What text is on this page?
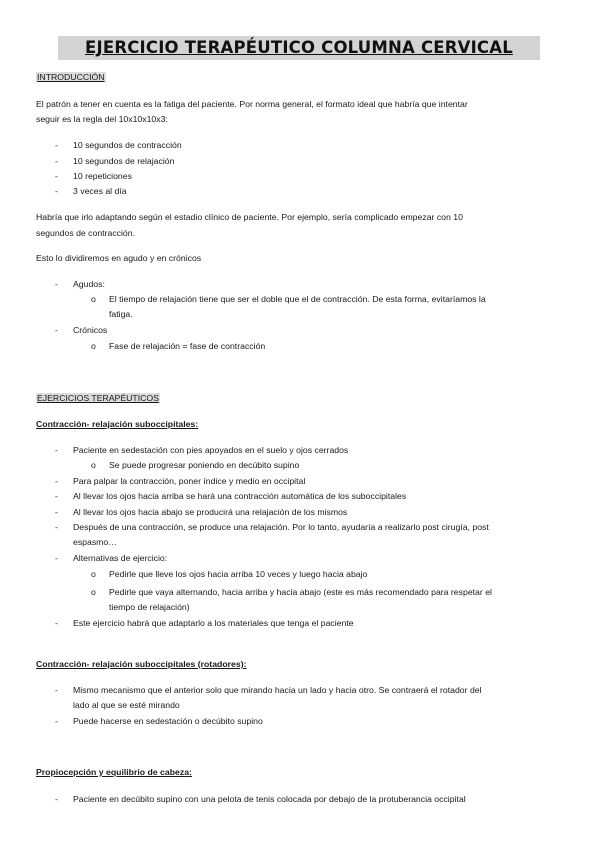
EJERCICIO TERAPÉUTICO COLUMNA CERVICAL
INTRODUCCIÓN
El patrón a tener en cuenta es la fatiga del paciente. Por norma general, el formato ideal que habría que intentar
seguir es la regla del 10x10x10x3:
- 10 segundos de contracción
- 10 segundos de relajación
- 10 repeticiones
- 3 veces al día
Habría que irlo adaptando según el estadio clínico de paciente. Por ejemplo, sería complicado empezar con 10
segundos de contracción.
Esto lo dividiremos en agudo y en crónicos
- Agudos:
o El tiempo de relajación tiene que ser el doble que el de contracción. De esta forma, evitaríamos la
fatiga.
- Crónicos
o Fase de relajación = fase de contracción
EJERCICIOS TERAPÉUTICOS
Contracción- relajación suboccipitales:
- Paciente en sedestación con pies apoyados en el suelo y ojos cerrados
o Se puede progresar poniendo en decúbito supino
- Para palpar la contracción, poner índice y medio en occipital
- Al llevar los ojos hacia arriba se hará una contracción automática de los suboccipitales
- Al llevar los ojos hacia abajo se producirá una relajación de los mismos
- Después de una contracción, se produce una relajación. Por lo tanto, ayudaría a realizarlo post cirugía, post
espasmo…
- Alternativas de ejercicio:
o Pedirle que lleve los ojos hacia arriba 10 veces y luego hacia abajo
o Pedirle que vaya alternando, hacia arriba y hacia abajo (este es más recomendado para respetar el
tiempo de relajación)
- Este ejercicio habrá que adaptarlo a los materiales que tenga el paciente
Contracción- relajación suboccipitales (rotadores):
- Mismo mecanismo que el anterior solo que mirando hacia un lado y hacia otro. Se contraerá el rotador del
lado al que se esté mirando
- Puede hacerse en sedestación o decúbito supino
Propiocepción y equilibrio de cabeza:
- Paciente en decúbito supino con una pelota de tenis colocada por debajo de la protuberancia occipital
